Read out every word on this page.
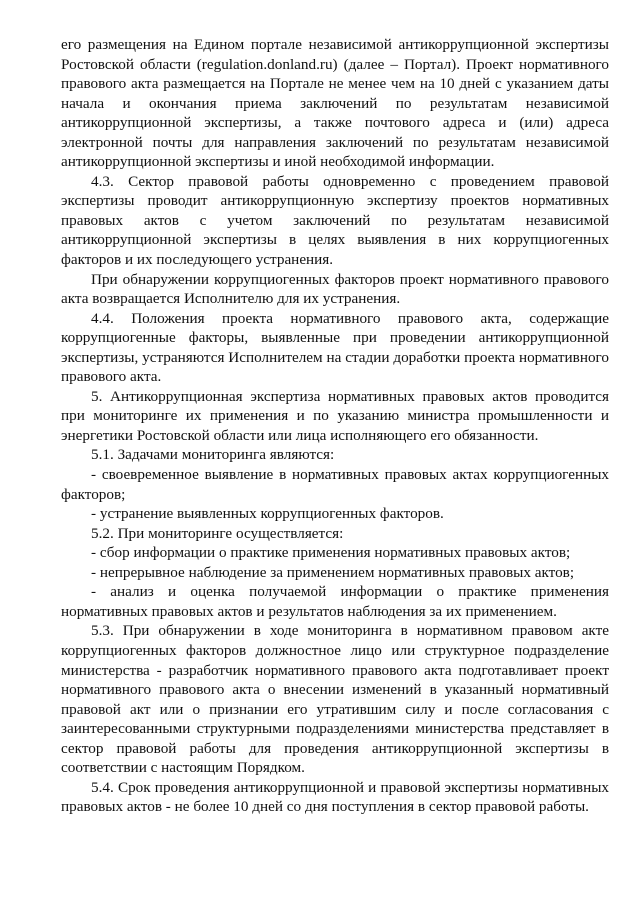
его размещения на Едином портале независимой антикоррупционной экспертизы Ростовской области (regulation.donland.ru) (далее – Портал). Проект нормативного правового акта размещается на Портале не менее чем на 10 дней с указанием даты начала и окончания приема заключений по результатам независимой антикоррупционной экспертизы, а также почтового адреса и (или) адреса электронной почты для направления заключений по результатам независимой антикоррупционной экспертизы и иной необходимой информации.

4.3. Сектор правовой работы одновременно с проведением правовой экспертизы проводит антикоррупционную экспертизу проектов нормативных правовых актов с учетом заключений по результатам независимой антикоррупционной экспертизы в целях выявления в них коррупциогенных факторов и их последующего устранения.

При обнаружении коррупциогенных факторов проект нормативного правового акта возвращается Исполнителю для их устранения.

4.4. Положения проекта нормативного правового акта, содержащие коррупциогенные факторы, выявленные при проведении антикоррупционной экспертизы, устраняются Исполнителем на стадии доработки проекта нормативного правового акта.

5. Антикоррупционная экспертиза нормативных правовых актов проводится при мониторинге их применения и по указанию министра промышленности и энергетики Ростовской области или лица исполняющего его обязанности.

5.1. Задачами мониторинга являются:

- своевременное выявление в нормативных правовых актах коррупциогенных факторов;

- устранение выявленных коррупциогенных факторов.

5.2. При мониторинге осуществляется:

- сбор информации о практике применения нормативных правовых актов;

- непрерывное наблюдение за применением нормативных правовых актов;

- анализ и оценка получаемой информации о практике применения нормативных правовых актов и результатов наблюдения за их применением.

5.3. При обнаружении в ходе мониторинга в нормативном правовом акте коррупциогенных факторов должностное лицо или структурное подразделение министерства - разработчик нормативного правового акта подготавливает проект нормативного правового акта о внесении изменений в указанный нормативный правовой акт или о признании его утратившим силу и после согласования с заинтересованными структурными подразделениями министерства представляет в сектор правовой работы для проведения антикоррупционной экспертизы в соответствии с настоящим Порядком.

5.4. Срок проведения антикоррупционной и правовой экспертизы нормативных правовых актов - не более 10 дней со дня поступления в сектор правовой работы.
